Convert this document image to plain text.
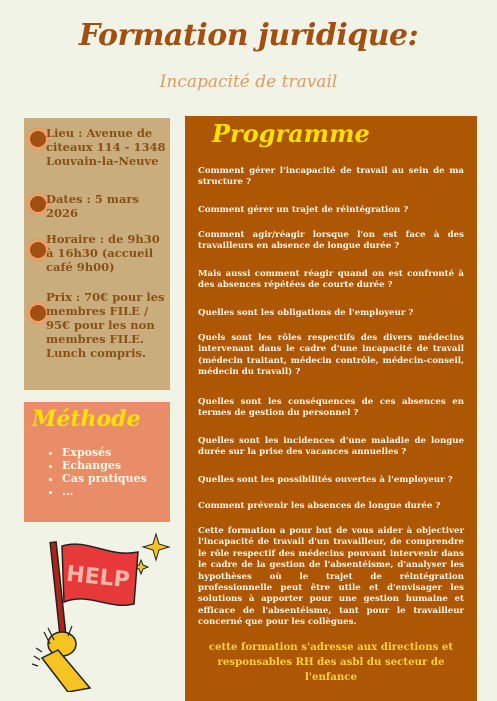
Formation juridique:
Incapacité de travail
Lieu : Avenue de citeaux 114 - 1348 Louvain-la-Neuve
Dates : 5 mars 2026
Horaire : de 9h30 à 16h30 (accueil café 9h00)
Prix : 70€ pour les membres FILE / 95€ pour les non membres FILE. Lunch compris.
Méthode
• Exposés
• Echanges
• Cas pratiques
• ...
HELP
Programme
Comment gérer l'incapacité de travail au sein de ma structure ?
Comment gérer un trajet de réintégration ?
Comment agir/réagir lorsque l'on est face à des travailleurs en absence de longue durée ?
Mais aussi comment réagir quand on est confronté à des absences répétées de courte durée ?
Quelles sont les obligations de l'employeur ?
Quels sont les rôles respectifs des divers médecins intervenant dans le cadre d'une incapacité de travail (médecin traitant, médecin contrôle, médecin-conseil, médecin du travail) ?
Quelles sont les conséquences de ces absences en termes de gestion du personnel ?
Quelles sont les incidences d'une maladie de longue durée sur la prise des vacances annuelles ?
Quelles sont les possibilités ouvertes à l'employeur ?
Comment prévenir les absences de longue durée ?
Cette formation a pour but de vous aider à objectiver l'incapacité de travail d'un travailleur, de comprendre le rôle respectif des médecins pouvant intervenir dans le cadre de la gestion de l'absentéisme, d'analyser les hypothèses où le trajet de réintégration professionnelle peut être utile et d'envisager les solutions à apporter pour une gestion humaine et efficace de l'absentéisme, tant pour le travailleur concerné que pour les collègues.
cette formation s'adresse aux directions et responsables RH des asbl du secteur de l'enfance
